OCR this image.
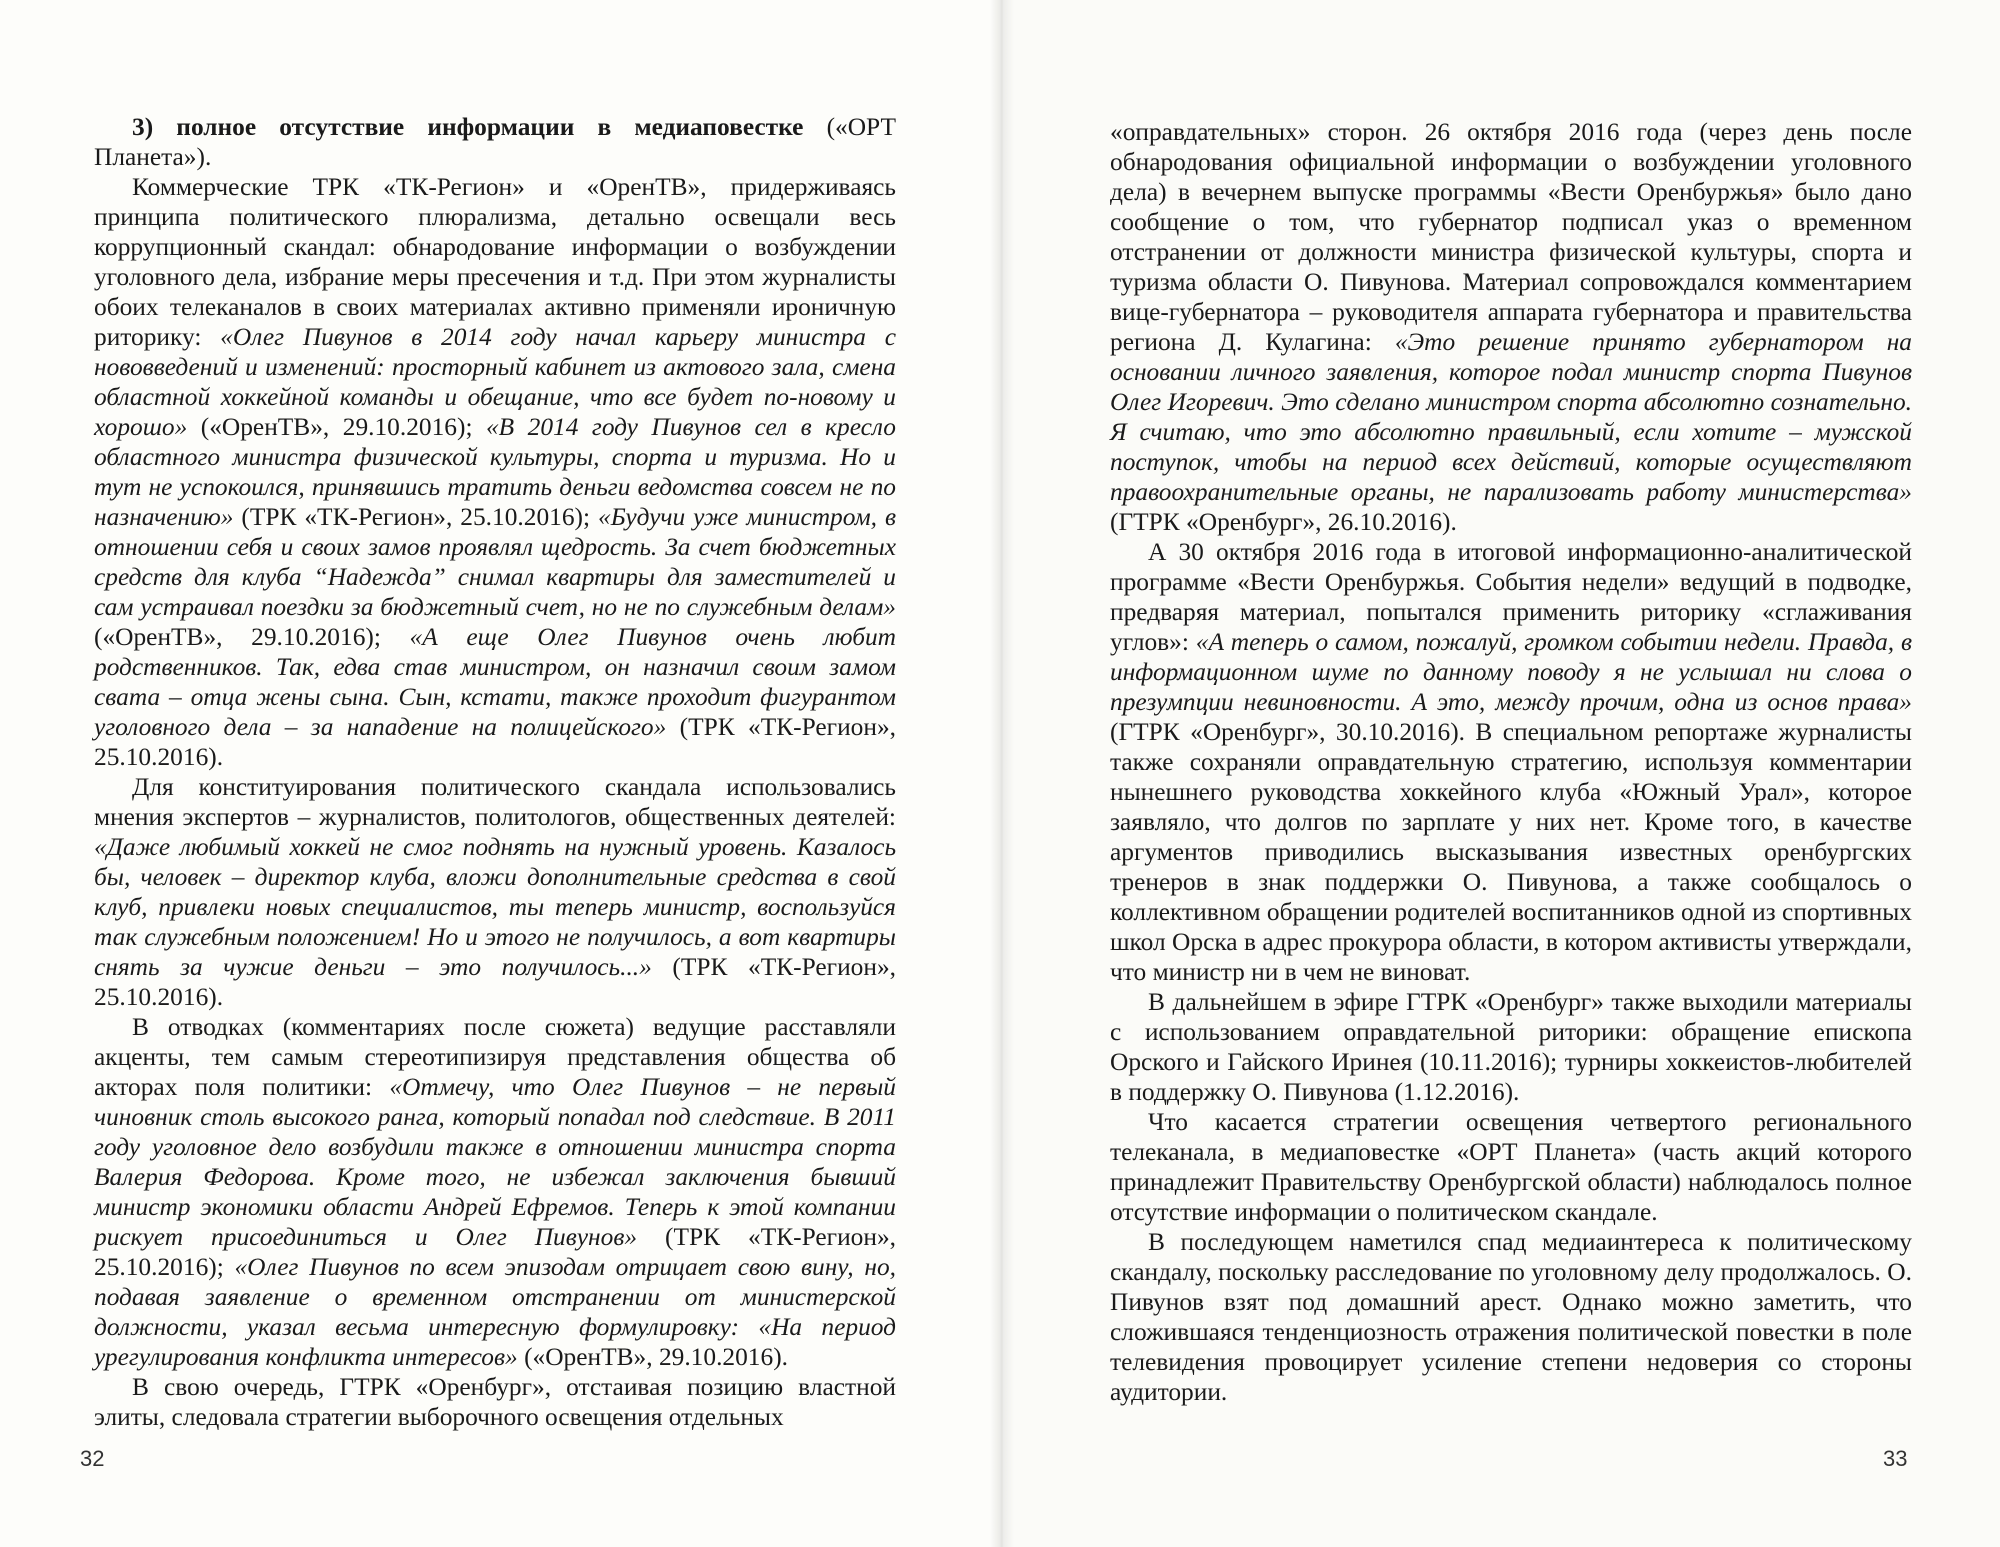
3) полное отсутствие информации в медиаповестке («ОРТ Планета»).

Коммерческие ТРК «ТК-Регион» и «ОренТВ», придерживаясь принципа политического плюрализма, детально освещали весь коррупционный скандал: обнародование информации о возбуждении уголовного дела, избрание меры пресечения и т.д. При этом журналисты обоих телеканалов в своих материалах активно применяли ироничную риторику: «Олег Пивунов в 2014 году начал карьеру министра с нововведений и изменений: просторный кабинет из актового зала, смена областной хоккейной команды и обещание, что все будет по-новому и хорошо» («ОренТВ», 29.10.2016); «В 2014 году Пивунов сел в кресло областного министра физической культуры, спорта и туризма. Но и тут не успокоился, принявшись тратить деньги ведомства совсем не по назначению» (ТРК «ТК-Регион», 25.10.2016); «Будучи уже министром, в отношении себя и своих замов проявлял щедрость. За счет бюджетных средств для клуба “Надежда” снимал квартиры для заместителей и сам устраивал поездки за бюджетный счет, но не по служебным делам» («ОренТВ», 29.10.2016); «А еще Олег Пивунов очень любит родственников. Так, едва став министром, он назначил своим замом свата – отца жены сына. Сын, кстати, также проходит фигурантом уголовного дела – за нападение на полицейского» (ТРК «ТК-Регион», 25.10.2016).

Для конституирования политического скандала использовались мнения экспертов – журналистов, политологов, общественных деятелей: «Даже любимый хоккей не смог поднять на нужный уровень. Казалось бы, человек – директор клуба, вложи дополнительные средства в свой клуб, привлеки новых специалистов, ты теперь министр, воспользуйся так служебным положением! Но и этого не получилось, а вот квартиры снять за чужие деньги – это получилось...» (ТРК «ТК-Регион», 25.10.2016).

В отводках (комментариях после сюжета) ведущие расставляли акценты, тем самым стереотипизируя представления общества об акторах поля политики: «Отмечу, что Олег Пивунов – не первый чиновник столь высокого ранга, который попадал под следствие. В 2011 году уголовное дело возбудили также в отношении министра спорта Валерия Федорова. Кроме того, не избежал заключения бывший министр экономики области Андрей Ефремов. Теперь к этой компании рискует присоединиться и Олег Пивунов» (ТРК «ТК-Регион», 25.10.2016); «Олег Пивунов по всем эпизодам отрицает свою вину, но, подавая заявление о временном отстранении от министерской должности, указал весьма интересную формулировку: «На период урегулирования конфликта интересов» («ОренТВ», 29.10.2016).

В свою очередь, ГТРК «Оренбург», отстаивая позицию властной элиты, следовала стратегии выборочного освещения отдельных

32

«оправдательных» сторон. 26 октября 2016 года (через день после обнародования официальной информации о возбуждении уголовного дела) в вечернем выпуске программы «Вести Оренбуржья» было дано сообщение о том, что губернатор подписал указ о временном отстранении от должности министра физической культуры, спорта и туризма области О. Пивунова. Материал сопровождался комментарием вице-губернатора – руководителя аппарата губернатора и правительства региона Д. Кулагина: «Это решение принято губернатором на основании личного заявления, которое подал министр спорта Пивунов Олег Игоревич. Это сделано министром спорта абсолютно сознательно. Я считаю, что это абсолютно правильный, если хотите – мужской поступок, чтобы на период всех действий, которые осуществляют правоохранительные органы, не парализовать работу министерства» (ГТРК «Оренбург», 26.10.2016).

А 30 октября 2016 года в итоговой информационно-аналитической программе «Вести Оренбуржья. События недели» ведущий в подводке, предваряя материал, попытался применить риторику «сглаживания углов»: «А теперь о самом, пожалуй, громком событии недели. Правда, в информационном шуме по данному поводу я не услышал ни слова о презумпции невиновности. А это, между прочим, одна из основ права» (ГТРК «Оренбург», 30.10.2016). В специальном репортаже журналисты также сохраняли оправдательную стратегию, используя комментарии нынешнего руководства хоккейного клуба «Южный Урал», которое заявляло, что долгов по зарплате у них нет. Кроме того, в качестве аргументов приводились высказывания известных оренбургских тренеров в знак поддержки О. Пивунова, а также сообщалось о коллективном обращении родителей воспитанников одной из спортивных школ Орска в адрес прокурора области, в котором активисты утверждали, что министр ни в чем не виноват.

В дальнейшем в эфире ГТРК «Оренбург» также выходили материалы с использованием оправдательной риторики: обращение епископа Орского и Гайского Иринея (10.11.2016); турниры хоккеистов-любителей в поддержку О. Пивунова (1.12.2016).

Что касается стратегии освещения четвертого регионального телеканала, в медиаповестке «ОРТ Планета» (часть акций которого принадлежит Правительству Оренбургской области) наблюдалось полное отсутствие информации о политическом скандале.

В последующем наметился спад медиаинтереса к политическому скандалу, поскольку расследование по уголовному делу продолжалось. О. Пивунов взят под домашний арест. Однако можно заметить, что сложившаяся тенденциозность отражения политической повестки в поле телевидения провоцирует усиление степени недоверия со стороны аудитории.

33
